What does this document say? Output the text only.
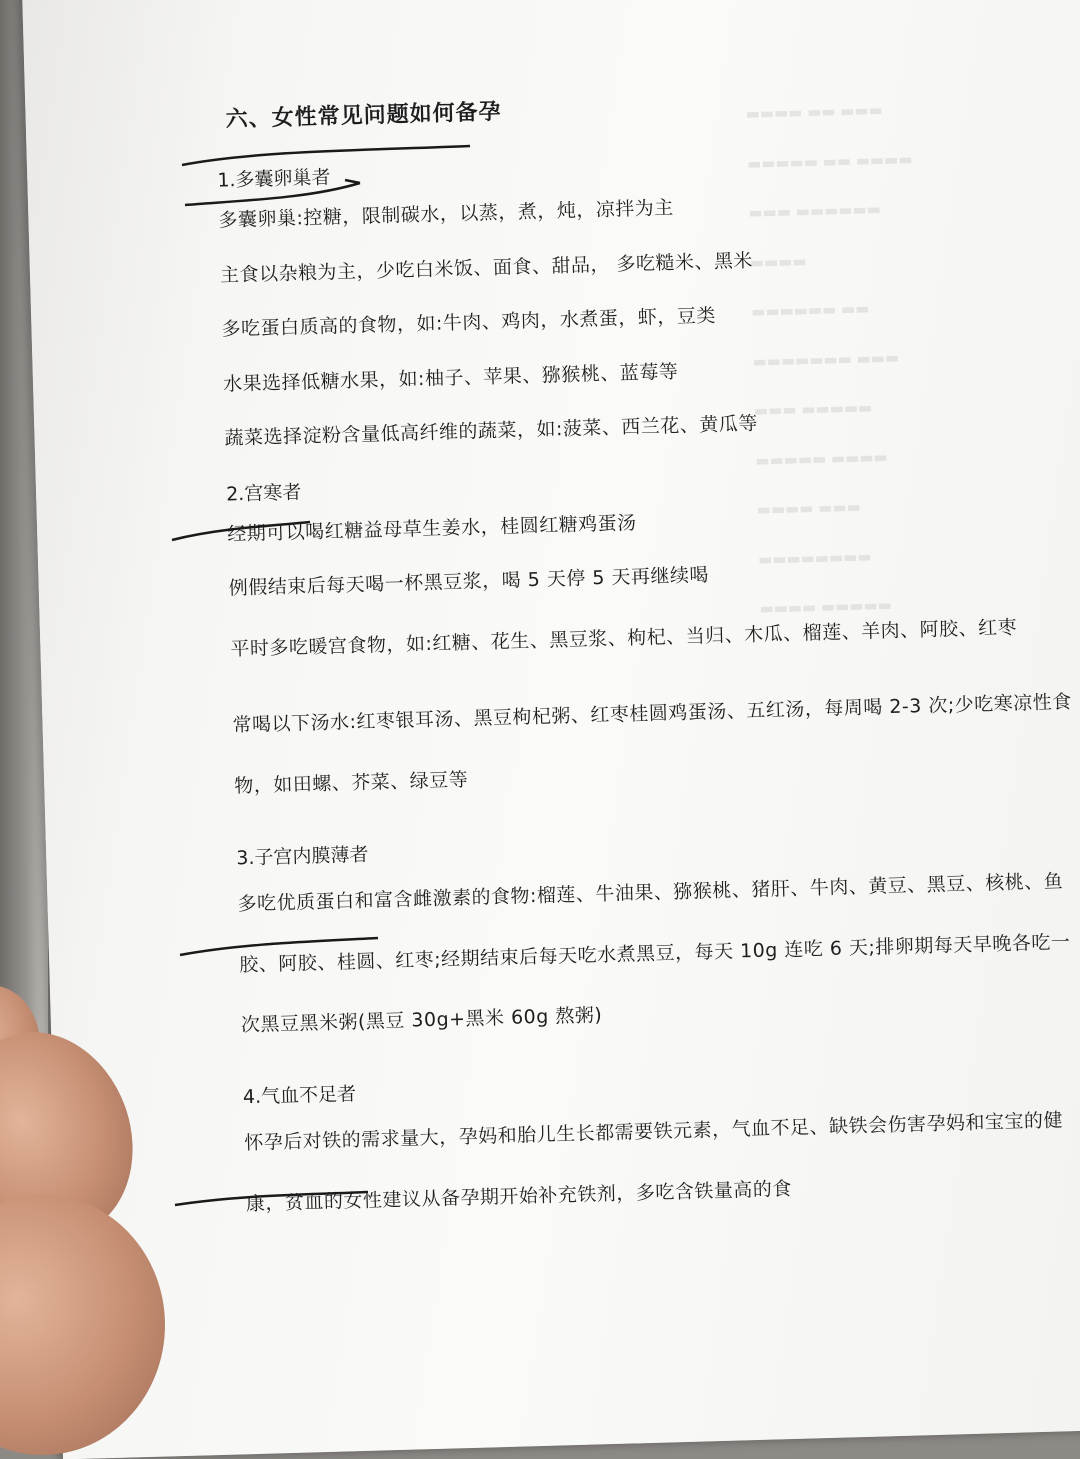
▬▬▬▬ ▬▬ ▬▬▬
▬▬▬▬▬ ▬▬ ▬▬▬▬
▬▬▬ ▬▬▬▬▬▬
▬▬▬▬
▬▬▬▬▬▬ ▬▬
▬▬▬▬▬▬▬ ▬▬▬
▬▬▬ ▬▬▬▬▬
▬▬▬▬▬ ▬▬▬▬
▬▬▬▬ ▬▬▬
▬▬▬▬▬▬▬▬
▬▬▬▬ ▬▬▬▬▬
六、女性常见问题如何备孕
1.多囊卵巢者
多囊卵巢:控糖，限制碳水，以蒸，煮，炖，凉拌为主
主食以杂粮为主，少吃白米饭、面食、甜品， 多吃糙米、黑米
多吃蛋白质高的食物，如:牛肉、鸡肉，水煮蛋，虾，豆类
水果选择低糖水果，如:柚子、苹果、猕猴桃、蓝莓等
蔬菜选择淀粉含量低高纤维的蔬菜，如:菠菜、西兰花、黄瓜等
2.宫寒者
经期可以喝红糖益母草生姜水，桂圆红糖鸡蛋汤
例假结束后每天喝一杯黑豆浆，喝 5 天停 5 天再继续喝
平时多吃暖宫食物，如:红糖、花生、黑豆浆、枸杞、当归、木瓜、榴莲、羊肉、阿胶、红枣
常喝以下汤水:红枣银耳汤、黑豆枸杞粥、红枣桂圆鸡蛋汤、五红汤，每周喝 2-3 次;少吃寒凉性食物，如田螺、芥菜、绿豆等
3.子宫内膜薄者
多吃优质蛋白和富含雌激素的食物:榴莲、牛油果、猕猴桃、猪肝、牛肉、黄豆、黑豆、核桃、鱼胶、阿胶、桂圆、红枣;经期结束后每天吃水煮黑豆，每天 10g 连吃 6 天;排卵期每天早晚各吃一次黑豆黑米粥(黑豆 30g+黑米 60g 熬粥)
4.气血不足者
怀孕后对铁的需求量大，孕妈和胎儿生长都需要铁元素，气血不足、缺铁会伤害孕妈和宝宝的健康，贫血的女性建议从备孕期开始补充铁剂，多吃含铁量高的食
